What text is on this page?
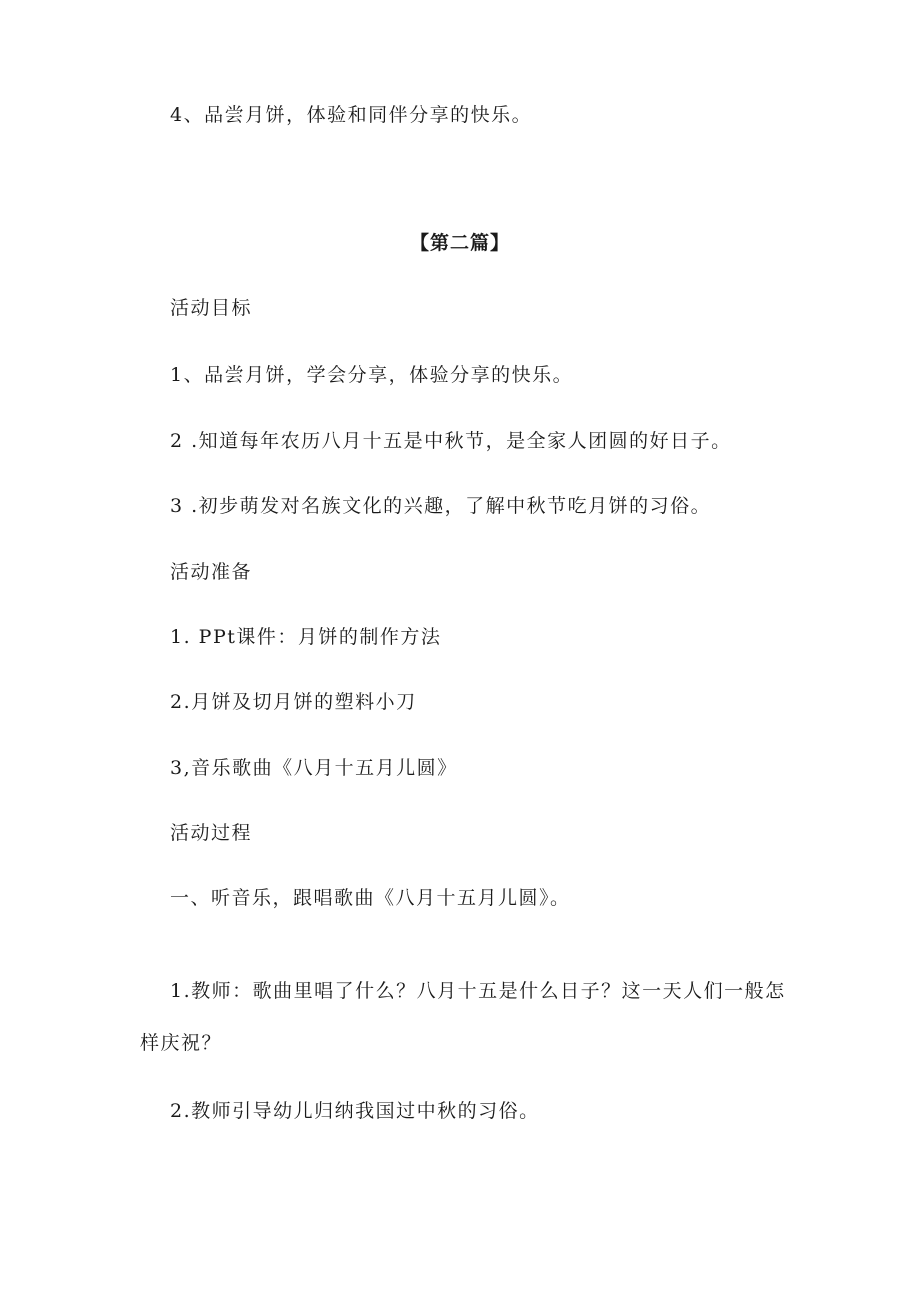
4、品尝月饼，体验和同伴分享的快乐。
【第二篇】
活动目标
1、品尝月饼，学会分享，体验分享的快乐。
2 .知道每年农历八月十五是中秋节，是全家人团圆的好日子。
3 .初步萌发对名族文化的兴趣，了解中秋节吃月饼的习俗。
活动准备
1. PPt课件：月饼的制作方法
2.月饼及切月饼的塑料小刀
3,音乐歌曲《八月十五月儿圆》
活动过程
一、听音乐，跟唱歌曲《八月十五月儿圆》。
1.教师：歌曲里唱了什么？八月十五是什么日子？这一天人们一般怎样庆祝？
2.教师引导幼儿归纳我国过中秋的习俗。
